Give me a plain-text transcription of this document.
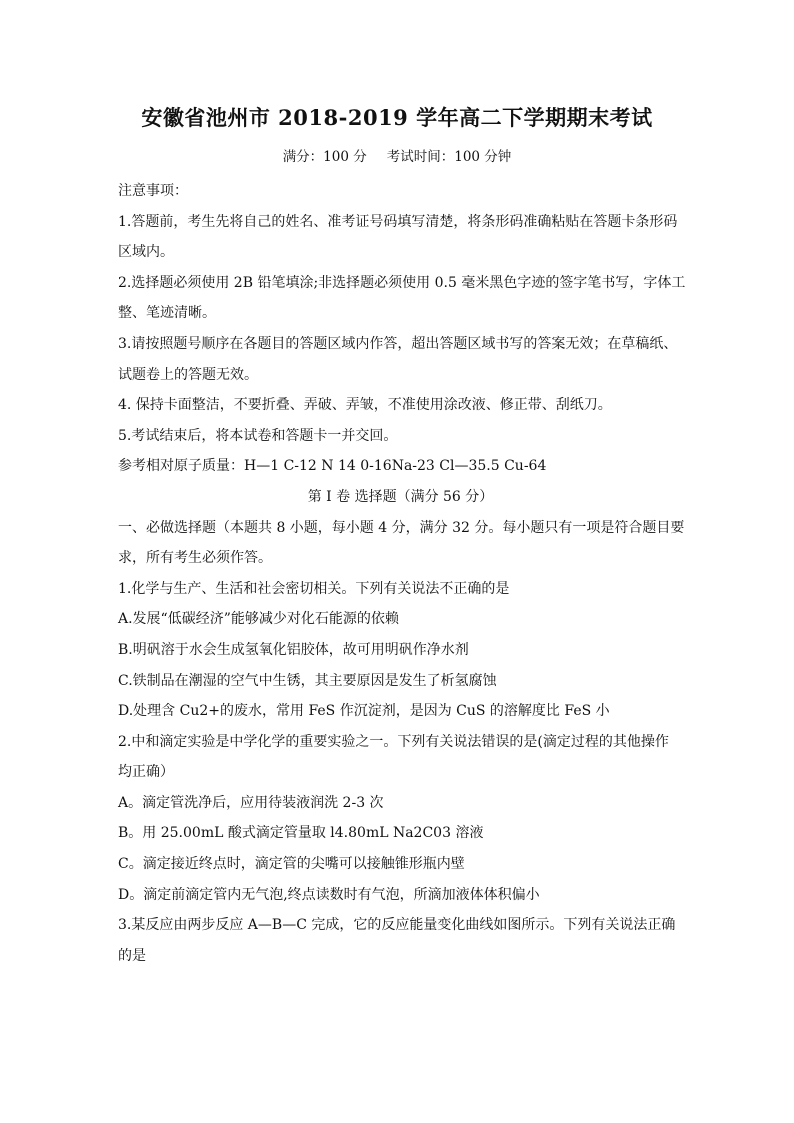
安徽省池州市 2018-2019 学年高二下学期期末考试
满分：100 分 考试时间：100 分钟
注意事项：
1.答题前，考生先将自己的姓名、准考证号码填写清楚，将条形码准确粘贴在答题卡条形码
区域内。
2.选择题必须使用 2B 铅笔填涂;非选择题必须使用 0.5 毫米黑色字迹的签字笔书写，字体工
整、笔迹清晰。
3.请按照题号顺序在各题目的答题区域内作答，超出答题区域书写的答案无效；在草稿纸、
试题卷上的答题无效。
4. 保持卡面整洁，不要折叠、弄破、弄皱，不准使用涂改液、修正带、刮纸刀。
5.考试结束后，将本试卷和答题卡一并交回。
参考相对原子质量：H—1 C-12 N 14 0-16Na-23 Cl—35.5 Cu-64
第 I 卷 选择题（满分 56 分）
一、必做选择题（本题共 8 小题，每小题 4 分，满分 32 分。每小题只有一项是符合题目要
求，所有考生必须作答。
1.化学与生产、生活和社会密切相关。下列有关说法不正确的是
A.发展“低碳经济”能够减少对化石能源的依赖
B.明矾溶于水会生成氢氧化铝胶体，故可用明矾作净水剂
C.铁制品在潮湿的空气中生锈，其主要原因是发生了析氢腐蚀
D.处理含 Cu2+的废水，常用 FeS 作沉淀剂，是因为 CuS 的溶解度比 FeS 小
2.中和滴定实验是中学化学的重要实验之一。下列有关说法错误的是(滴定过程的其他操作
均正确）
A。滴定管洗净后，应用待装液润洗 2-3 次
B。用 25.00mL 酸式滴定管量取 l4.80mL Na2C03 溶液
C。滴定接近终点时，滴定管的尖嘴可以接触锥形瓶内壁
D。滴定前滴定管内无气泡,终点读数时有气泡，所滴加液体体积偏小
3.某反应由两步反应 A—B—C 完成，它的反应能量变化曲线如图所示。下列有关说法正确
的是
